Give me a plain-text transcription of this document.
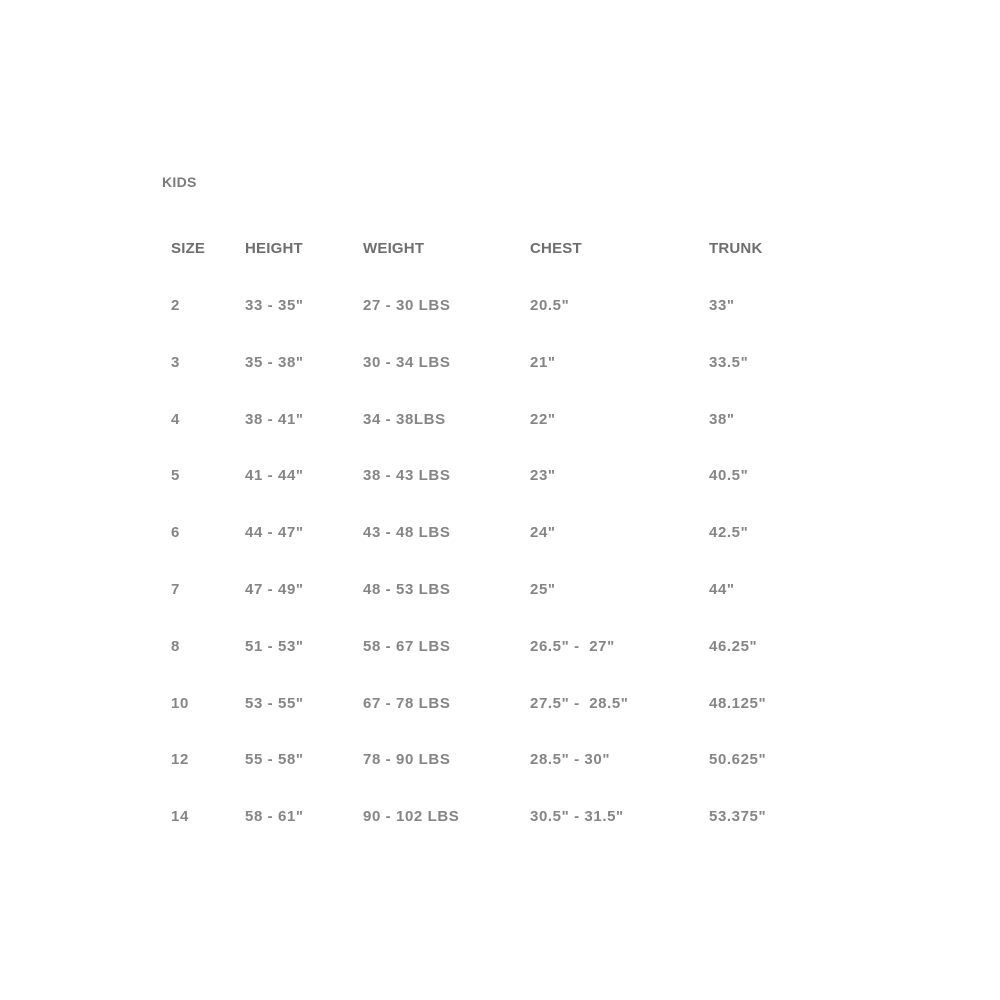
KIDS
SIZE	HEIGHT	WEIGHT	CHEST	TRUNK
2	33 - 35"	27 - 30 LBS	20.5"	33"
3	35 - 38"	30 - 34 LBS	21"	33.5"
4	38 - 41"	34 - 38LBS	22"	38"
5	41 - 44"	38 - 43 LBS	23"	40.5"
6	44 - 47"	43 - 48 LBS	24"	42.5"
7	47 - 49"	48 - 53 LBS	25"	44"
8	51 - 53"	58 - 67 LBS	26.5" -  27"	46.25"
10	53 - 55"	67 - 78 LBS	27.5" -  28.5"	48.125"
12	55 - 58"	78 - 90 LBS	28.5" - 30"	50.625"
14	58 - 61"	90 - 102 LBS	30.5" - 31.5"	53.375"
